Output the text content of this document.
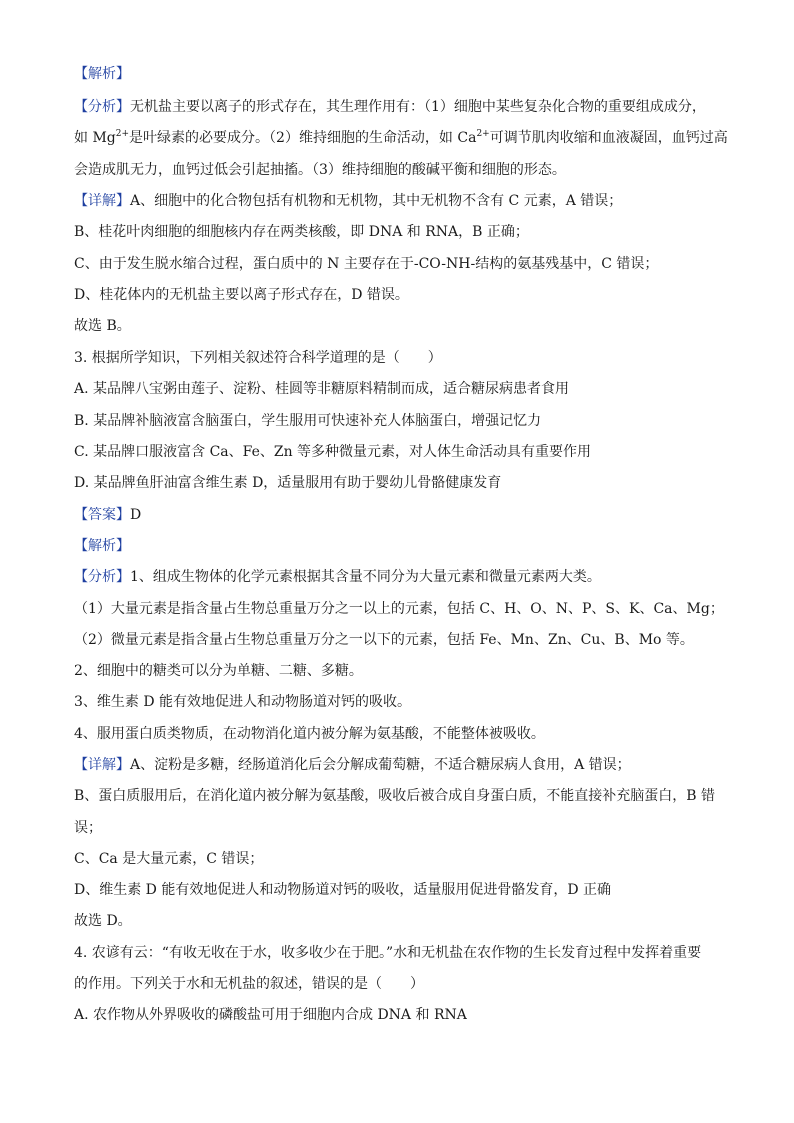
【解析】
【分析】无机盐主要以离子的形式存在，其生理作用有：（1）细胞中某些复杂化合物的重要组成成分，
如 $Mg^{2+}$是叶绿素的必要成分。（2）维持细胞的生命活动，如 $Ca^{2+}$可调节肌肉收缩和血液凝固，血钙过高
会造成肌无力，血钙过低会引起抽搐。（3）维持细胞的酸碱平衡和细胞的形态。
【详解】A、细胞中的化合物包括有机物和无机物，其中无机物不含有 C 元素，A 错误；
B、桂花叶肉细胞的细胞核内存在两类核酸，即 DNA 和 RNA，B 正确；
C、由于发生脱水缩合过程，蛋白质中的 N 主要存在于-CO-NH-结构的氨基残基中，C 错误；
D、桂花体内的无机盐主要以离子形式存在，D 错误。
故选 B。
3. 根据所学知识，下列相关叙述符合科学道理的是（　　）
A. 某品牌八宝粥由莲子、淀粉、桂圆等非糖原料精制而成，适合糖尿病患者食用
B. 某品牌补脑液富含脑蛋白，学生服用可快速补充人体脑蛋白，增强记忆力
C. 某品牌口服液富含 Ca、Fe、Zn 等多种微量元素，对人体生命活动具有重要作用
D. 某品牌鱼肝油富含维生素 D，适量服用有助于婴幼儿骨骼健康发育
【答案】D
【解析】
【分析】1、组成生物体的化学元素根据其含量不同分为大量元素和微量元素两大类。
（1）大量元素是指含量占生物总重量万分之一以上的元素，包括 C、H、O、N、P、S、K、Ca、Mg；
（2）微量元素是指含量占生物总重量万分之一以下的元素，包括 Fe、Mn、Zn、Cu、B、Mo 等。
2、细胞中的糖类可以分为单糖、二糖、多糖。
3、维生素 D 能有效地促进人和动物肠道对钙的吸收。
4、服用蛋白质类物质，在动物消化道内被分解为氨基酸，不能整体被吸收。
【详解】A、淀粉是多糖，经肠道消化后会分解成葡萄糖，不适合糖尿病人食用，A 错误；
B、蛋白质服用后，在消化道内被分解为氨基酸，吸收后被合成自身蛋白质，不能直接补充脑蛋白，B 错
误；
C、Ca 是大量元素，C 错误；
D、维生素 D 能有效地促进人和动物肠道对钙的吸收，适量服用促进骨骼发育，D 正确
故选 D。
4. 农谚有云：“有收无收在于水，收多收少在于肥。”水和无机盐在农作物的生长发育过程中发挥着重要
的作用。下列关于水和无机盐的叙述，错误的是（　　）
A. 农作物从外界吸收的磷酸盐可用于细胞内合成 DNA 和 RNA
